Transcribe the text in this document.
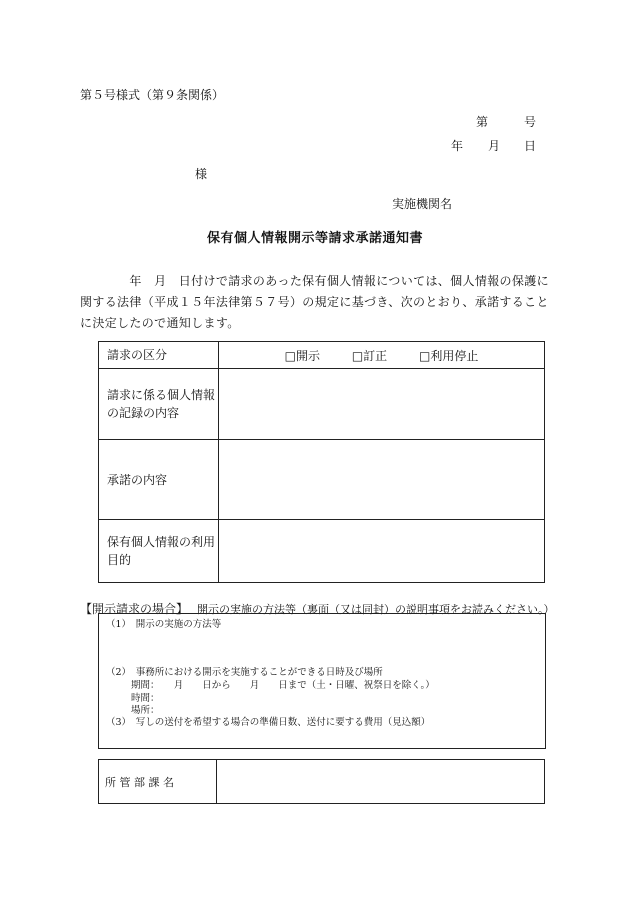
第５号様式（第９条関係）
第	号
年 月 日
様
実施機関名
保有個人情報開示等請求承諾通知書
　　　　年　月　日付けで請求のあった保有個人情報については、個人情報の保護に関する法律（平成１５年法律第５７号）の規定に基づき、次のとおり、承諾することに決定したので通知します。
請求の区分	□開示 □訂正 □利用停止
請求に係る個人情報の記録の内容	
承諾の内容	
保有個人情報の利用目的	
【開示請求の場合】 開示の実施の方法等（裏面（又は同封）の説明事項をお読みください。）
（1）　開示の実施の方法等
（2）　事務所における開示を実施することができる日時及び場所
期間：　　月　　日から　　月　　日まで（土・日曜、祝祭日を除く。）
時間：
場所：
（3）　写しの送付を希望する場合の準備日数、送付に要する費用（見込額）
所 管 部 課 名	
